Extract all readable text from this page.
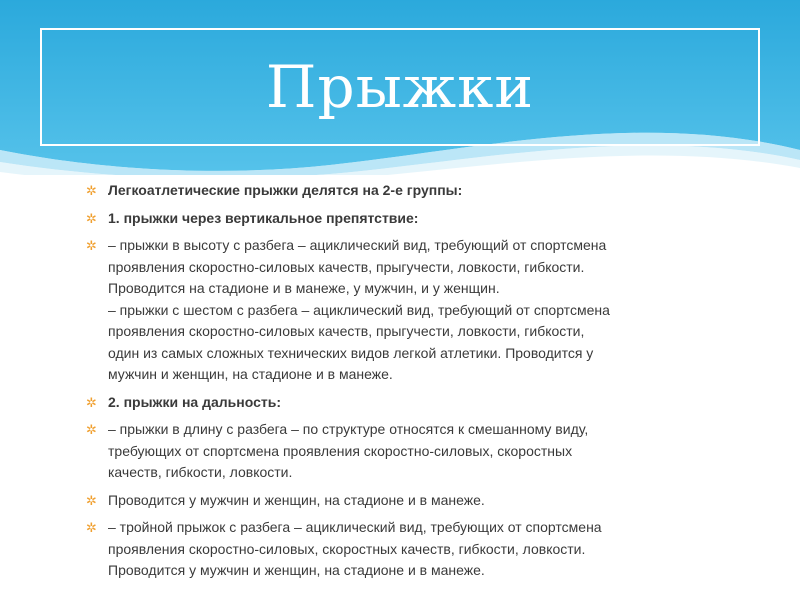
Прыжки
✲ Легкоатлетические прыжки делятся на 2-е группы:
✲ 1. прыжки через вертикальное препятствие:
✲ – прыжки в высоту с разбега – ациклический вид, требующий от спортсмена
проявления скоростно-силовых качеств, прыгучести, ловкости, гибкости.
Проводится на стадионе и в манеже, у мужчин, и у женщин.
– прыжки с шестом с разбега – ациклический вид, требующий от спортсмена
проявления скоростно-силовых качеств, прыгучести, ловкости, гибкости,
один из самых сложных технических видов легкой атлетики. Проводится у
мужчин и женщин, на стадионе и в манеже.
✲ 2. прыжки на дальность:
✲ – прыжки в длину с разбега – по структуре относятся к смешанному виду,
требующих от спортсмена проявления скоростно-силовых, скоростных
качеств, гибкости, ловкости.
✲ Проводится у мужчин и женщин, на стадионе и в манеже.
✲ – тройной прыжок с разбега – ациклический вид, требующих от спортсмена
проявления скоростно-силовых, скоростных качеств, гибкости, ловкости.
Проводится у мужчин и женщин, на стадионе и в манеже.
